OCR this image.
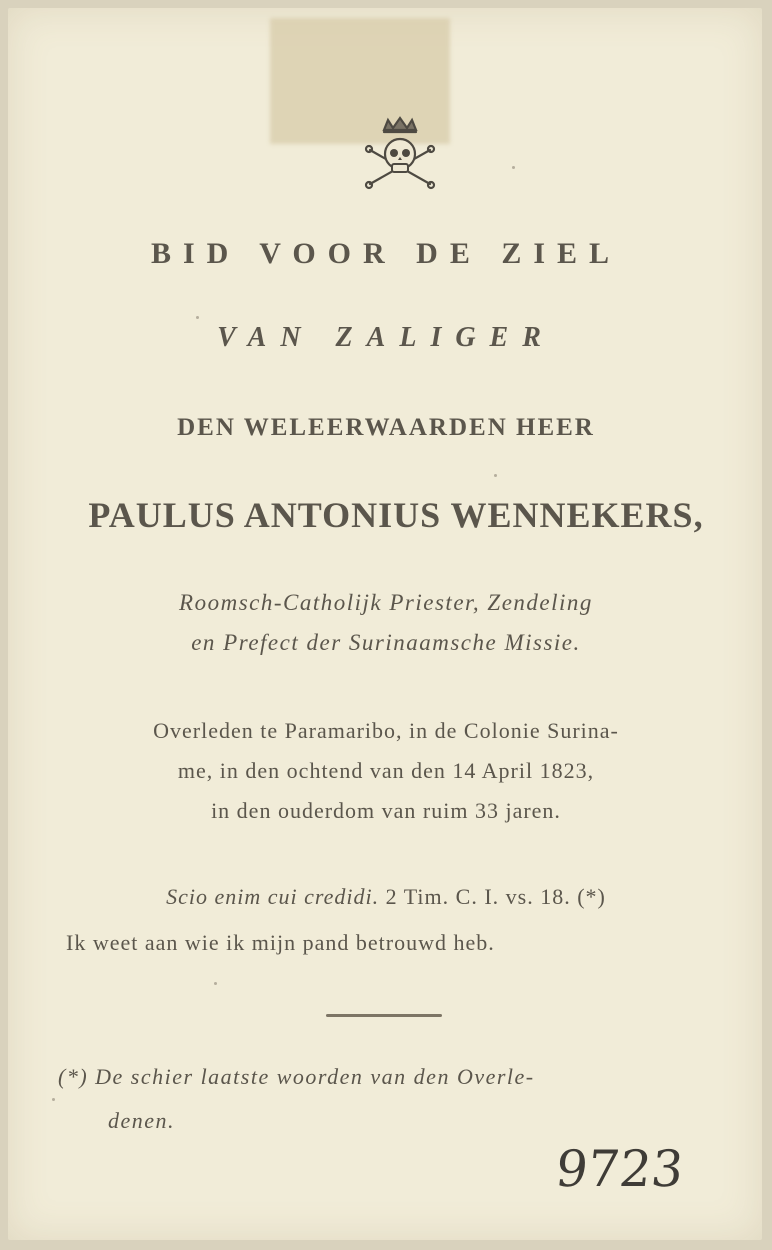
BID VOOR DE ZIEL
VAN ZALIGER
DEN WELEERWAARDEN HEER
PAULUS ANTONIUS WENNEKERS,
Roomsch-Catholijk Priester, Zendeling
en Prefect der Surinaamsche Missie.
Overleden te Paramaribo, in de Colonie Surina-
me, in den ochtend van den 14 April 1823,
in den ouderdom van ruim 33 jaren.
Scio enim cui credidi. 2 Tim. C. I. vs. 18. (*)
Ik weet aan wie ik mijn pand betrouwd heb.
(*) De schier laatste woorden van den Overle-
denen.
9723
